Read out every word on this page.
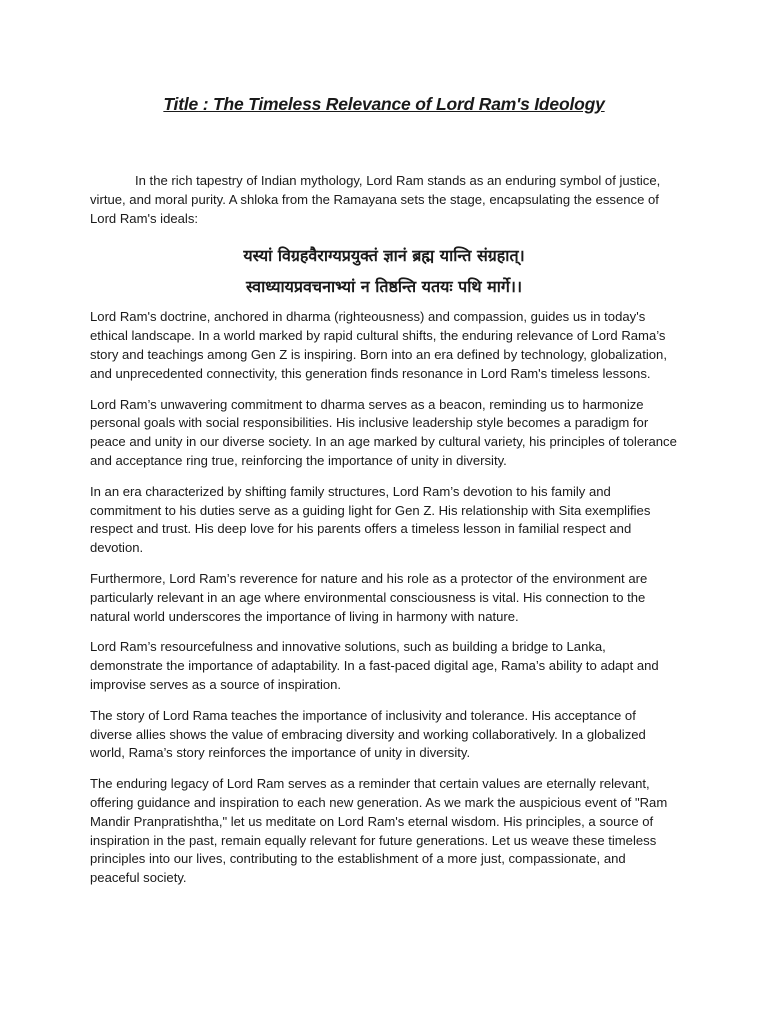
Title : The Timeless Relevance of Lord Ram's Ideology

In the rich tapestry of Indian mythology, Lord Ram stands as an enduring symbol of justice, virtue, and moral purity. A shloka from the Ramayana sets the stage, encapsulating the essence of Lord Ram's ideals:

यस्यां विग्रहवैराग्यप्रयुक्तं ज्ञानं ब्रह्म यान्ति संग्रहात्।
स्वाध्यायप्रवचनाभ्यां न तिष्ठन्ति यतयः पथि मार्गे।।

Lord Ram's doctrine, anchored in dharma (righteousness) and compassion, guides us in today's ethical landscape. In a world marked by rapid cultural shifts, the enduring relevance of Lord Rama’s story and teachings among Gen Z is inspiring. Born into an era defined by technology, globalization, and unprecedented connectivity, this generation finds resonance in Lord Ram's timeless lessons.

Lord Ram’s unwavering commitment to dharma serves as a beacon, reminding us to harmonize personal goals with social responsibilities. His inclusive leadership style becomes a paradigm for peace and unity in our diverse society. In an age marked by cultural variety, his principles of tolerance and acceptance ring true, reinforcing the importance of unity in diversity.

In an era characterized by shifting family structures, Lord Ram’s devotion to his family and commitment to his duties serve as a guiding light for Gen Z. His relationship with Sita exemplifies respect and trust. His deep love for his parents offers a timeless lesson in familial respect and devotion.

Furthermore, Lord Ram’s reverence for nature and his role as a protector of the environment are particularly relevant in an age where environmental consciousness is vital. His connection to the natural world underscores the importance of living in harmony with nature.

Lord Ram’s resourcefulness and innovative solutions, such as building a bridge to Lanka, demonstrate the importance of adaptability. In a fast-paced digital age, Rama’s ability to adapt and improvise serves as a source of inspiration.

The story of Lord Rama teaches the importance of inclusivity and tolerance. His acceptance of diverse allies shows the value of embracing diversity and working collaboratively. In a globalized world, Rama’s story reinforces the importance of unity in diversity.

The enduring legacy of Lord Ram serves as a reminder that certain values are eternally relevant, offering guidance and inspiration to each new generation. As we mark the auspicious event of "Ram Mandir Pranpratishtha," let us meditate on Lord Ram's eternal wisdom. His principles, a source of inspiration in the past, remain equally relevant for future generations. Let us weave these timeless principles into our lives, contributing to the establishment of a more just, compassionate, and peaceful society.
